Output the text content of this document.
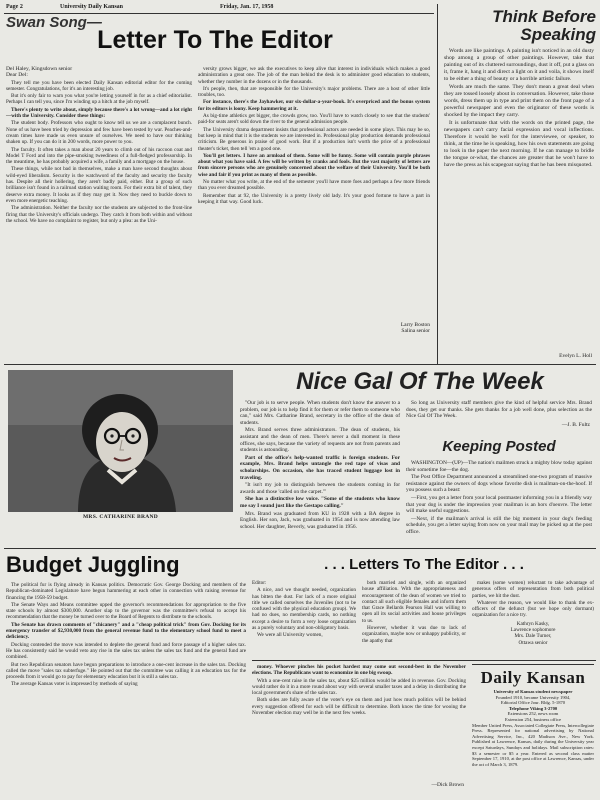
Page 2	University Daily Kansan	Friday, Jan. 17, 1958
Swan Song—
Letter To The Editor
Del Haley, Kingsdown senior
Dear Del:

They tell me you have been elected Daily Kansan editorial editor for the coming semester. Congratulations, for it's an interesting job.

But it's only fair to warn you what you're letting yourself in for as a chief editorialist. Perhaps I can tell you, since I'm winding up a hitch at the job myself.

There's plenty to write about, simply because there's a lot wrong—and a lot right—with the University. Consider these things:

The student body. Professors who ought to know tell us we are a complacent bunch. None of us have been tried by depression and few have been tested by war. Peaches-and-cream times have made us even unsure of ourselves. We need to have our thinking shaken up. If you can do it in 200 words, more power to you.

The faculty. It often takes a man about 20 years to climb out of his raccoon coat and Model T Ford and into the pipe-smoking tweediness of a full-fledged professorship. In the meantime, he has probably acquired a wife, a family and a mortgage on the house.

These things, while not bad in themselves, make a man have second thoughts about wild-eyed liberalism. Security is the watchword of the faculty and security the faculty has. Despite all their hollering, they aren't badly paid, either. But a group of such brilliance isn't found in a railroad station waiting room. For their extra bit of talent, they deserve extra money. It looks as if they may get it. Now they need to buckle down to even more energetic teaching.

The administration. Neither the faculty nor the students are subjected to the front-line firing that the University's officials undergo. They catch it from both within and without the school. We have no complaint to register, but only a plea: as the Uni-

versity grows bigger, we ask the executives to keep alive that interest in individuals which makes a good administration a great one. The job of the man behind the desk is to administer good education to students, whether they number in the dozens or in the thousands.

It's people, then, that are responsible for the University's major problems. There are a host of other little troubles, too.

For instance, there's the Jayhawker, our six-dollar-a-year-book. It's overpriced and the bonus system for its editors is loony. Keep hammering at it.

As big-time athletics get bigger, the crowds grow, too. You'll have to watch closely to see that the students' paid-for seats aren't sold down the river to the general admission people.

The University drama department insists that professional actors are needed in some plays. This may be so, but keep in mind that it is the students we are interested in. Professional play production demands professional criticism. Be generous in praise of good work. But if a production isn't worth the price of a professional theater's ticket, then tell 'em a good one.

You'll get letters. I have an armload of them. Some will be funny. Some will contain purple phrases about what you have said. A few will be written by cranks and fools. But the vast majority of letters are from sincere persons who are genuinely concerned about the welfare of their University. You'll be both wise and fair if you print as many of them as possible.

No matter what you write, at the end of the semester you'll have more foes and perhaps a few more friends than you ever dreamed possible.

Remember that at 92, the University is a pretty lively old lady. It's your good fortune to have a part in keeping it that way. Good luck.

Larry Boston
Salina senior
Think Before
Speaking

Words are like paintings. A painting isn't noticed in an old dusty shop among a group of other paintings. However, take that painting out of its cluttered surroundings, dust it off, put a glass on it, frame it, hang it and direct a light on it and voila, it shows itself to be either a thing of beauty or a horrible artistic failure.

Words are much the same. They don't mean a great deal when they are tossed loosely about in conversation. However, take those words, dress them up in type and print them on the front page of a powerful newspaper and even the originator of these words is shocked by the impact they carry.

It is unfortunate that with the words on the printed page, the newspapers can't carry facial expression and vocal inflections. Therefore it would be well for the interviewee, or speaker, to think, at the time he is speaking, how his own statements are going to look in the paper the next morning. If he can manage to bridle the tongue or-what, the chances are greater that he won't have to have the press as his scapegoat saying that he has been misquoted.

Evelyn L. Holl
MRS. CATHARINE BRAND
Nice Gal Of The Week

"Our job is to serve people. When students don't know the answer to a problem, our job is to help find it for them or refer them to someone who can," said Mrs. Catharine Brand, secretary in the office of the dean of students.

Mrs. Brand serves three administrators. The dean of students, his assistant and the dean of men. There's never a dull moment in these offices, she says, because the variety of requests are not from parents and students is astounding.

Part of the office's help-wanted traffic is foreign students. For example, Mrs. Brand helps untangle the red tape of visas and scholarships. On occasion, she has traced student luggage lost in traveling.

"It isn't my job to distinguish between the students coming in for awards and those 'called on the carpet.'"

She has a distinctive low voice. "Some of the students who know me say I sound just like the Gestapo calling."

Mrs. Brand was graduated from KU in 1928 with a BA degree in English. Her son, Jack, was graduated in 1954 and is now attending law school. Her daughter, Beverly, was graduated in 1956.

So long as University staff members give the kind of helpful service Mrs. Brand does, they get our thanks. She gets thanks for a job well done, plus selection as the Nice Gal Of The Week.

—J. B. Fultz
Keeping Posted

WASHINGTON—(UP)—The nation's mailmen struck a mighty blow today against their sometime foe—the dog.

The Post Office Department announced a streamlined one-two program of massive resistance against the owners of dogs whose favorite dish is mailman-on-the-hoof. If you possess such a beast:

—First, you get a letter from your local postmaster informing you in a friendly way that your dog is under the impression your mailman is an hors d'oeuvre. The letter will make useful suggestions.

—Next, if the mailman's arrival is still the big moment in your dog's feeding schedule, you get a letter saying from now on your mail may be picked up at the post office.

Budget Juggling

The political fur is flying already in Kansas politics. Democratic Gov. George Docking and members of the Republican-dominated Legislature have begun hammering at each other in connection with raising revenue for financing the 1958-59 budget.

The Senate Ways and Means committee upped the governor's recommendations for appropriation to the five state schools by almost $300,000. Another slap to the governor was the committee's refusal to accept his recommendation that the money be turned over to the Board of Regents to distribute to the schools.

The Senate has drawn comments of "chicanery" and a "cheap political trick" from Gov. Docking for its emergency transfer of $2,930,000 from the general revenue fund to the elementary school fund to meet a deficiency.

Docking contended the move was intended to deplete the general fund and force passage of a higher sales tax. He has consistently said he would veto any rise in the sales tax unless the sales tax fund and the general fund are combined.

But two Republican senators have begun preparations to introduce a one-cent increase in the sales tax. Docking called the move "sales tax subterfuge." He pointed out that the committee was calling it an education tax for the proceeds from it would go to pay for elementary education but it is still a sales tax.

The average Kansas voter is impressed by methods of saying

. . . Letters To The Editor . . .

Editor:

A nice, and we thought needed, organization has bitten the dust. For lack of a more original title we called ourselves the Juveniles (not to be confused with the physical education group). We had no dues, no membership cards, no nothing except a desire to form a very loose organization as a purely voluntary and non-obligatory basis.

We were all University women,

both married and single, with an organized house affiliation. With the appropriateness and encouragement of the dean of women we tried to contact all such eligible females and inform them that Grace Bellards Pearson Hall was willing to open all its social activities and house privileges to us.

However, whether it was due to lack of organization, maybe now or unhappy publicity, or the apathy that

makes (some women) reluctant to take advantage of generous offers of representation from both political parties, we hit the dust.

Whatever the reason, we would like to thank the ex-officers of the defunct (but we hope only dormant) organization for a nice try.

Kathryn Kasky,
Lawrence sophomore
Mrs. Dale Turner,
Ottawa senior

money. Whoever pinches his pocket hardest may come out second-best in the November elections. The Republicans want to economize in one big swoop.

With a one-cent raise in the sales tax, about $25 million would be added in revenue. Gov. Docking would rather do it in a more round about way with several smaller taxes and a delay in distributing the local government's share of the sales tax.

Both sides are fully aware of the voter's eye on them and just how much politics will be behind every suggestion offered for each will be difficult to determine. Both know the time for wooing the November election may well be in the next few weeks.

—Dick Brown
Daily Kansan
University of Kansas student newspaper
Founded 1910, became University 1904,
Editorial Office Jour. Bldg. 5-1870
Telephone Viking 3-2700
Extensions 252, news room
Extension 254, business office
Member United Press, Associated Collegiate Press, Intercollegiate Press. Represented for national advertising by National Advertising Service, Inc., 420 Madison Ave., New York. Published at Lawrence, Kansas, daily during the University year except Saturdays, Sundays and holidays. Mail subscription rates: $3 a semester or $5 a year. Entered as second class matter September 17, 1910, at the post office at Lawrence, Kansas, under the act of March 3, 1879.
